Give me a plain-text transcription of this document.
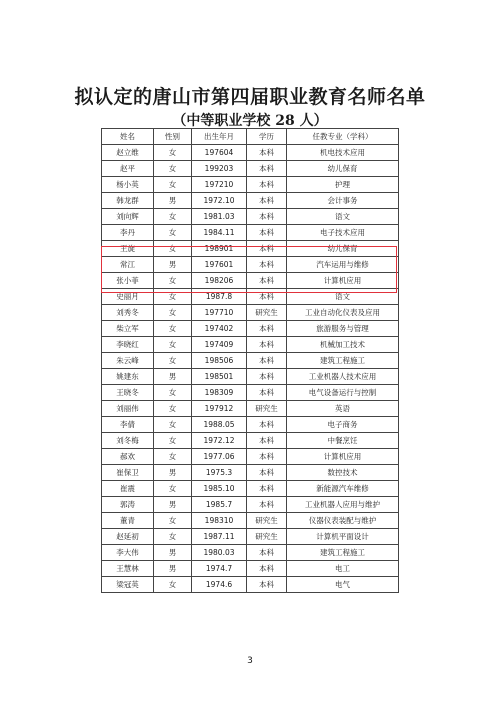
拟认定的唐山市第四届职业教育名师名单
（中等职业学校 28 人）
姓名	性别	出生年月	学历	任教专业（学科）
赵立维	女	197604	本科	机电技术应用
赵平	女	199203	本科	幼儿保育
杨小英	女	197210	本科	护理
韩龙群	男	1972.10	本科	会计事务
刘向辉	女	1981.03	本科	语文
李丹	女	1984.11	本科	电子技术应用
王旋	女	198901	本科	幼儿保育
常江	男	197601	本科	汽车运用与维修
张小菲	女	198206	本科	计算机应用
史丽月	女	1987.8	本科	语文
刘秀冬	女	197710	研究生	工业自动化仪表及应用
柴立军	女	197402	本科	旅游服务与管理
李晓红	女	197409	本科	机械加工技术
朱云峰	女	198506	本科	建筑工程施工
姚建东	男	198501	本科	工业机器人技术应用
王晓冬	女	198309	本科	电气设备运行与控制
刘丽伟	女	197912	研究生	英语
李倩	女	1988.05	本科	电子商务
刘冬梅	女	1972.12	本科	中餐烹饪
郝欢	女	1977.06	本科	计算机应用
崔保卫	男	1975.3	本科	数控技术
崔震	女	1985.10	本科	新能源汽车维修
郭涛	男	1985.7	本科	工业机器人应用与维护
董青	女	198310	研究生	仪器仪表装配与维护
赵延初	女	1987.11	研究生	计算机平面设计
李大伟	男	1980.03	本科	建筑工程施工
王慧林	男	1974.7	本科	电工
梁冠英	女	1974.6	本科	电气
3
